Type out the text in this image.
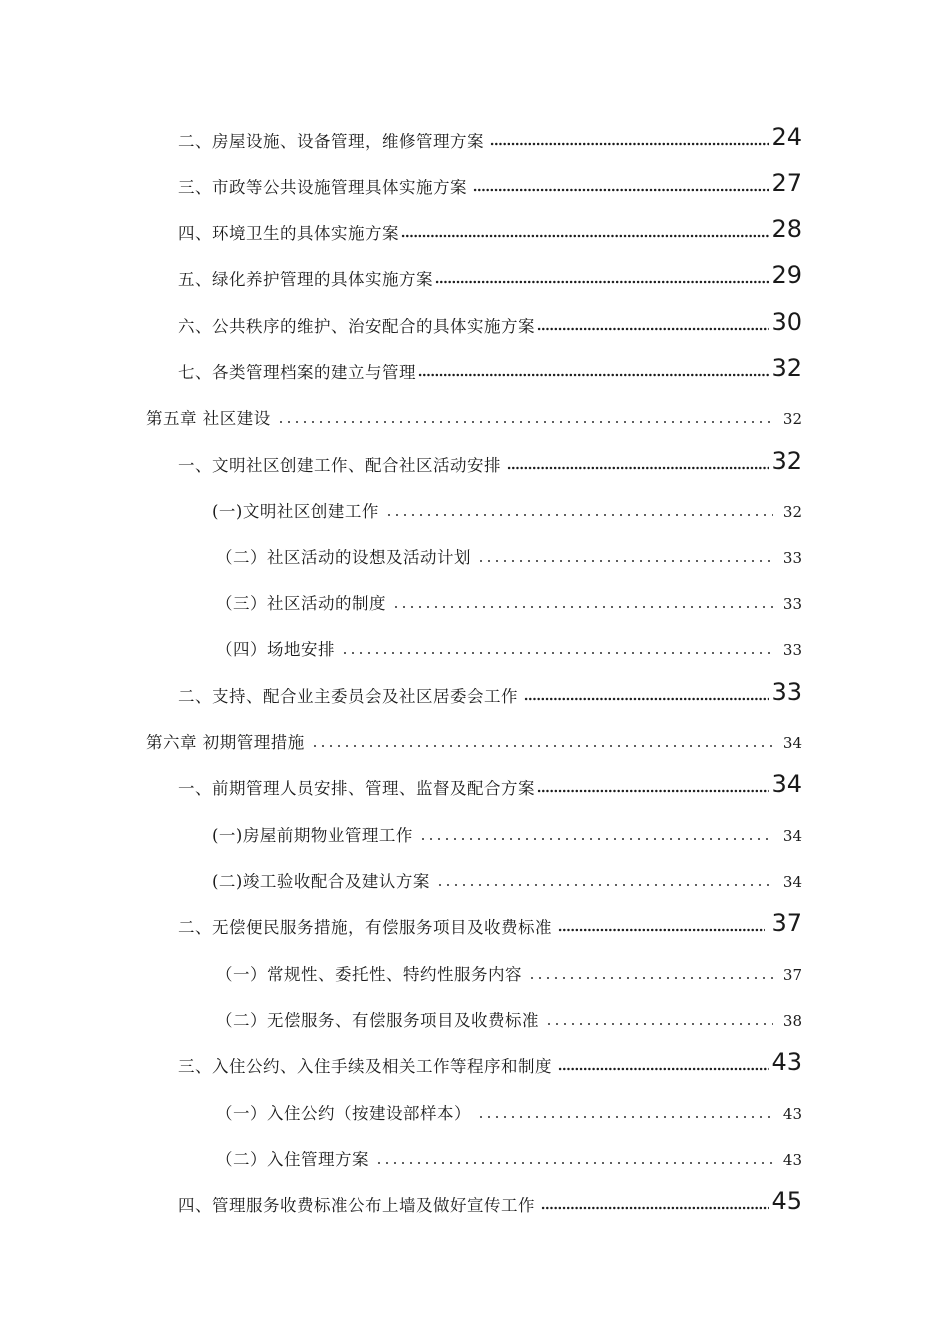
二、房屋设施、设备管理，维修管理方案	24
三、市政等公共设施管理具体实施方案	27
四、环境卫生的具体实施方案	28
五、绿化养护管理的具体实施方案	29
六、公共秩序的维护、治安配合的具体实施方案	30
七、各类管理档案的建立与管理	32
第五章 社区建设	32
一、文明社区创建工作、配合社区活动安排	32
(一)文明社区创建工作	32
（二）社区活动的设想及活动计划	33
（三）社区活动的制度	33
（四）场地安排	33
二、支持、配合业主委员会及社区居委会工作	33
第六章 初期管理措施	34
一、前期管理人员安排、管理、监督及配合方案	34
(一)房屋前期物业管理工作	34
(二)竣工验收配合及建认方案	34
二、无偿便民服务措施，有偿服务项目及收费标准	37
（一）常规性、委托性、特约性服务内容	37
（二）无偿服务、有偿服务项目及收费标准	38
三、入住公约、入住手续及相关工作等程序和制度	43
（一）入住公约（按建设部样本）	43
（二）入住管理方案	43
四、管理服务收费标准公布上墙及做好宣传工作	45
